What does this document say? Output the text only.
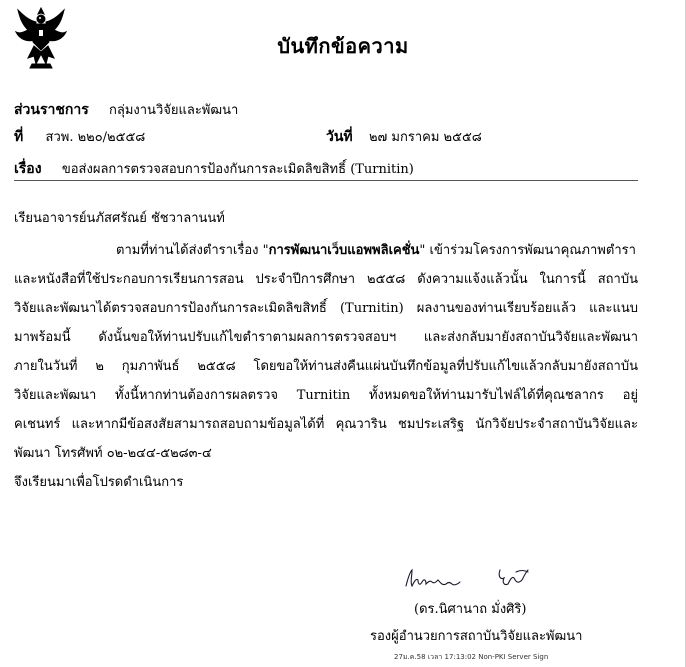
บันทึกข้อความ
ส่วนราชการ กลุ่มงานวิจัยและพัฒนา
ที่ สวพ. ๒๒๐/๒๕๕๘	วันที่ ๒๗ มกราคม ๒๕๕๘
เรื่อง ขอส่งผลการตรวจสอบการป้องกันการละเมิดลิขสิทธิ์ (Turnitin)
เรียนอาจารย์นภัสศรัณย์ ชัชวาลานนท์
ตามที่ท่านได้ส่งตำราเรื่อง "การพัฒนาเว็บแอพพลิเคชั่น" เข้าร่วมโครงการพัฒนาคุณภาพตำรา
และหนังสือที่ใช้ประกอบการเรียนการสอน ประจำปีการศึกษา ๒๕๕๘ ดังความแจ้งแล้วนั้น ในการนี้ สถาบัน
วิจัยและพัฒนาได้ตรวจสอบการป้องกันการละเมิดลิขสิทธิ์ (Turnitin) ผลงานของท่านเรียบร้อยแล้ว และแนบ
มาพร้อมนี้ ดังนั้นขอให้ท่านปรับแก้ไขตำราตามผลการตรวจสอบฯ และส่งกลับมายังสถาบันวิจัยและพัฒนา
ภายในวันที่ ๒ กุมภาพันธ์ ๒๕๕๘ โดยขอให้ท่านส่งคืนแผ่นบันทึกข้อมูลที่ปรับแก้ไขแล้วกลับมายังสถาบัน
วิจัยและพัฒนา ทั้งนี้หากท่านต้องการผลตรวจ Turnitin ทั้งหมดขอให้ท่านมารับไฟล์ได้ที่คุณชลากร อยู่
คเชนทร์ และหากมีข้อสงสัยสามารถสอบถามข้อมูลได้ที่ คุณวาริน ชมประเสริฐ นักวิจัยประจำสถาบันวิจัยและ
พัฒนา โทรศัพท์ ๐๒-๒๔๔-๕๒๘๓-๔
จึงเรียนมาเพื่อโปรดดำเนินการ
(ดร.นิศานาถ มั่งศิริ)
รองผู้อำนวยการสถาบันวิจัยและพัฒนา
27ม.ค.58 เวลา 17:13:02 Non-PKI Server Sign
